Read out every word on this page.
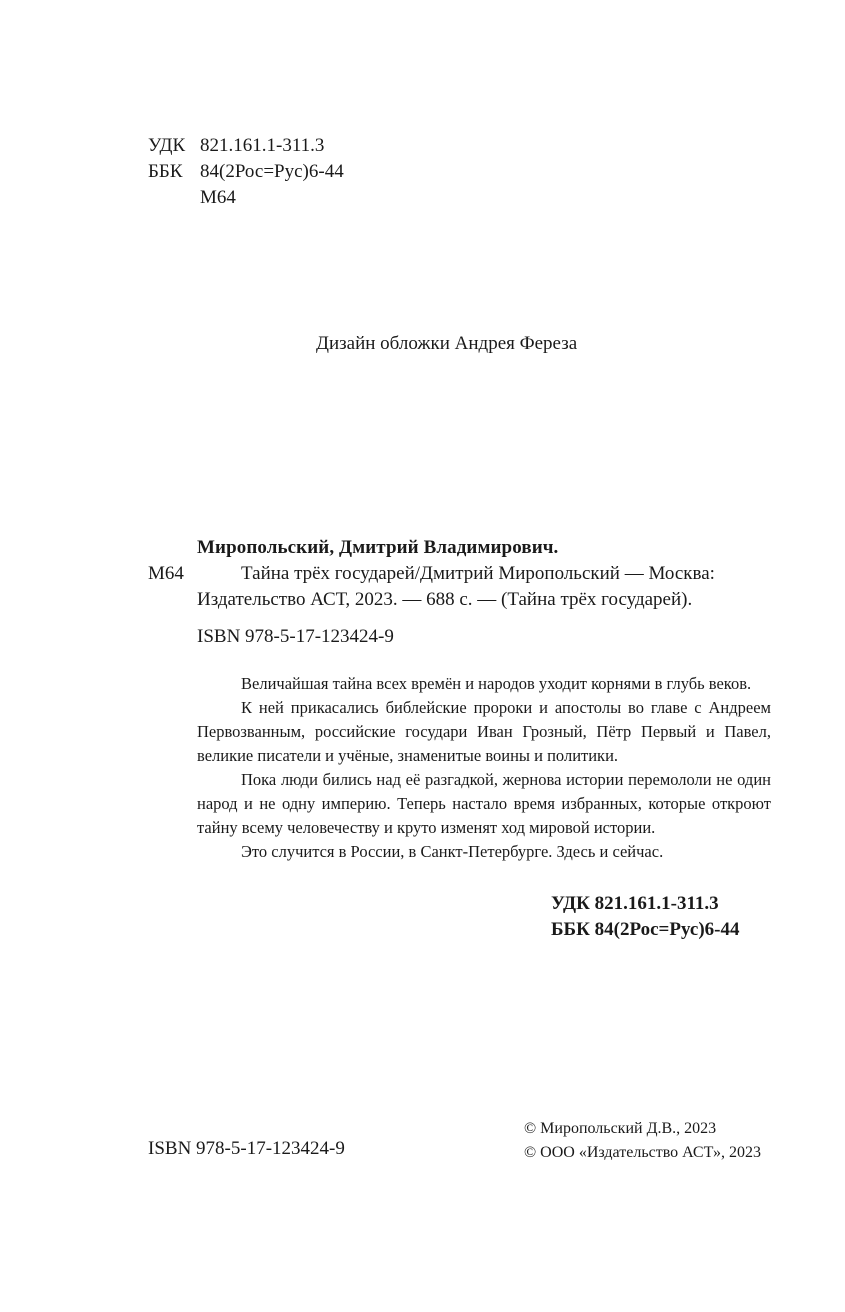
УДК 821.161.1-311.3
ББК 84(2Рос=Рус)6-44
М64
Дизайн обложки Андрея Фереза
Миропольский, Дмитрий Владимирович.
М64	Тайна трёх государей/Дмитрий Миропольский — Москва:
Издательство АСТ, 2023. — 688 с. — (Тайна трёх государей).
ISBN 978-5-17-123424-9

Величайшая тайна всех времён и народов уходит корнями в глубь веков.

К ней прикасались библейские пророки и апостолы во главе с Андреем Первозванным, российские государи Иван Грозный, Пётр Первый и Павел, великие писатели и учёные, знаменитые воины и политики.

Пока люди бились над её разгадкой, жернова истории перемололи не один народ и не одну империю. Теперь настало время избранных, которые откроют тайну всему человечеству и круто изменят ход мировой истории.

Это случится в России, в Санкт-Петербурге. Здесь и сейчас.

УДК 821.161.1-311.3
ББК 84(2Рос=Рус)6-44
ISBN 978-5-17-123424-9
© Миропольский Д.В., 2023
© ООО «Издательство АСТ», 2023
